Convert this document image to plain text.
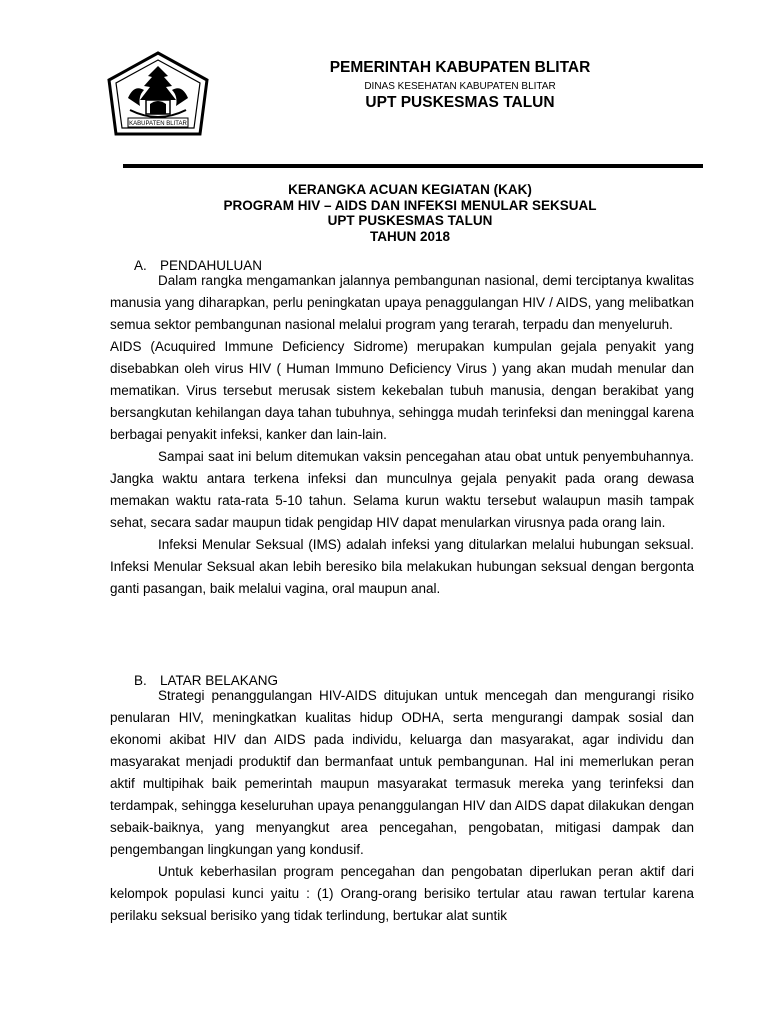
KABUPATEN BLITAR
PEMERINTAH KABUPATEN BLITAR
DINAS KESEHATAN KABUPATEN BLITAR
UPT PUSKESMAS TALUN
KERANGKA ACUAN KEGIATAN (KAK)
PROGRAM HIV – AIDS DAN INFEKSI MENULAR SEKSUAL
UPT PUSKESMAS TALUN
TAHUN 2018
A. PENDAHULUAN

Dalam rangka mengamankan jalannya pembangunan nasional, demi terciptanya kwalitas manusia yang diharapkan, perlu peningkatan upaya penaggulangan HIV / AIDS, yang melibatkan semua sektor pembangunan nasional melalui program yang terarah, terpadu dan menyeluruh.

AIDS (Acuquired Immune Deficiency Sidrome) merupakan kumpulan gejala penyakit yang disebabkan oleh virus HIV ( Human Immuno Deficiency Virus ) yang akan mudah menular dan mematikan. Virus tersebut merusak sistem kekebalan tubuh manusia, dengan berakibat yang bersangkutan kehilangan daya tahan tubuhnya, sehingga mudah terinfeksi dan meninggal karena berbagai penyakit infeksi, kanker dan lain-lain.

Sampai saat ini belum ditemukan vaksin pencegahan atau obat untuk penyembuhannya. Jangka waktu antara terkena infeksi dan munculnya gejala penyakit pada orang dewasa memakan waktu rata-rata 5-10 tahun. Selama kurun waktu tersebut walaupun masih tampak sehat, secara sadar maupun tidak pengidap HIV dapat menularkan virusnya pada orang lain.

Infeksi Menular Seksual (IMS) adalah infeksi yang ditularkan melalui hubungan seksual. Infeksi Menular Seksual akan lebih beresiko bila melakukan hubungan seksual dengan bergonta ganti pasangan, baik melalui vagina, oral maupun anal.

B. LATAR BELAKANG

Strategi penanggulangan HIV-AIDS ditujukan untuk mencegah dan mengurangi risiko penularan HIV, meningkatkan kualitas hidup ODHA, serta mengurangi dampak sosial dan ekonomi akibat HIV dan AIDS pada individu, keluarga dan masyarakat, agar individu dan masyarakat menjadi produktif dan bermanfaat untuk pembangunan. Hal ini memerlukan peran aktif multipihak baik pemerintah maupun masyarakat termasuk mereka yang terinfeksi dan terdampak, sehingga keseluruhan upaya penanggulangan HIV dan AIDS dapat dilakukan dengan sebaik-baiknya, yang menyangkut area pencegahan, pengobatan, mitigasi dampak dan pengembangan lingkungan yang kondusif.

Untuk keberhasilan program pencegahan dan pengobatan diperlukan peran aktif dari kelompok populasi kunci yaitu : (1) Orang-orang berisiko tertular atau rawan tertular karena perilaku seksual berisiko yang tidak terlindung, bertukar alat suntik
